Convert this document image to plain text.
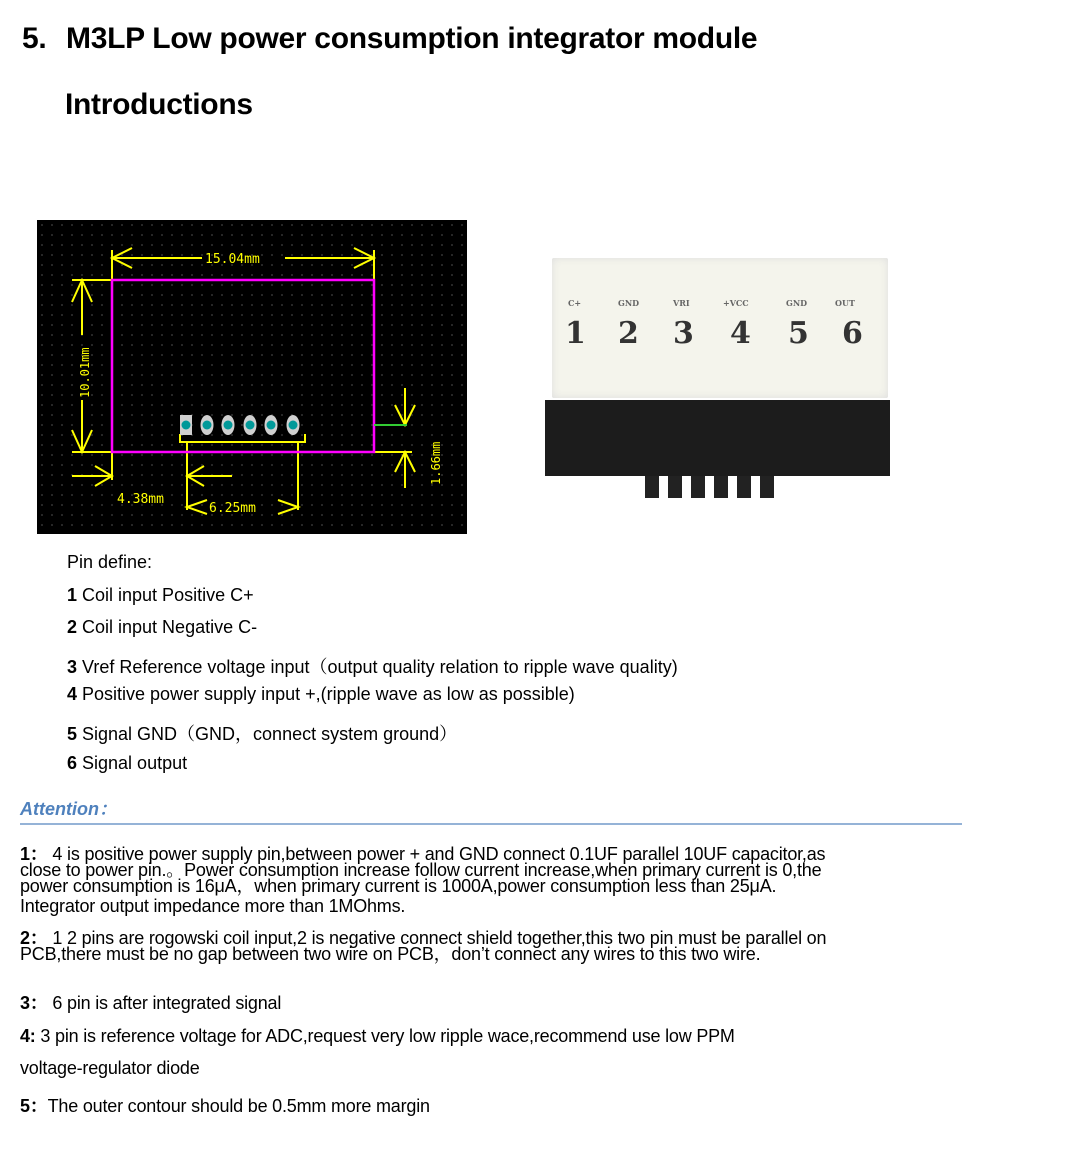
5. M3LP Low power consumption integrator module
Introductions
15.04mm
10.01mm
4.38mm
6.25mm
1.66mm
C+	GND	VRI	+VCC	GND	OUT
1 2 3 4 5 6
Pin define:
1 Coil input Positive C+
2 Coil input Negative C-
3 Vref Reference voltage input（output quality relation to ripple wave quality)
4 Positive power supply input +,(ripple wave as low as possible)
5 Signal GND（GND，connect system ground）
6 Signal output
Attention：
1： 4 is positive power supply pin,between power + and GND connect 0.1UF parallel 10UF capacitor,as
close to power pin.。Power consumption increase follow current increase,when primary current is 0,the
power consumption is 16μA，when primary current is 1000A,power consumption less than 25μA.
Integrator output impedance more than 1MOhms.
2： 1 2 pins are rogowski coil input,2 is negative connect shield together,this two pin must be parallel on
PCB,there must be no gap between two wire on PCB，don’t connect any wires to this two wire.
3： 6 pin is after integrated signal
4: 3 pin is reference voltage for ADC,request very low ripple wace,recommend use low PPM
voltage-regulator diode
5：The outer contour should be 0.5mm more margin
